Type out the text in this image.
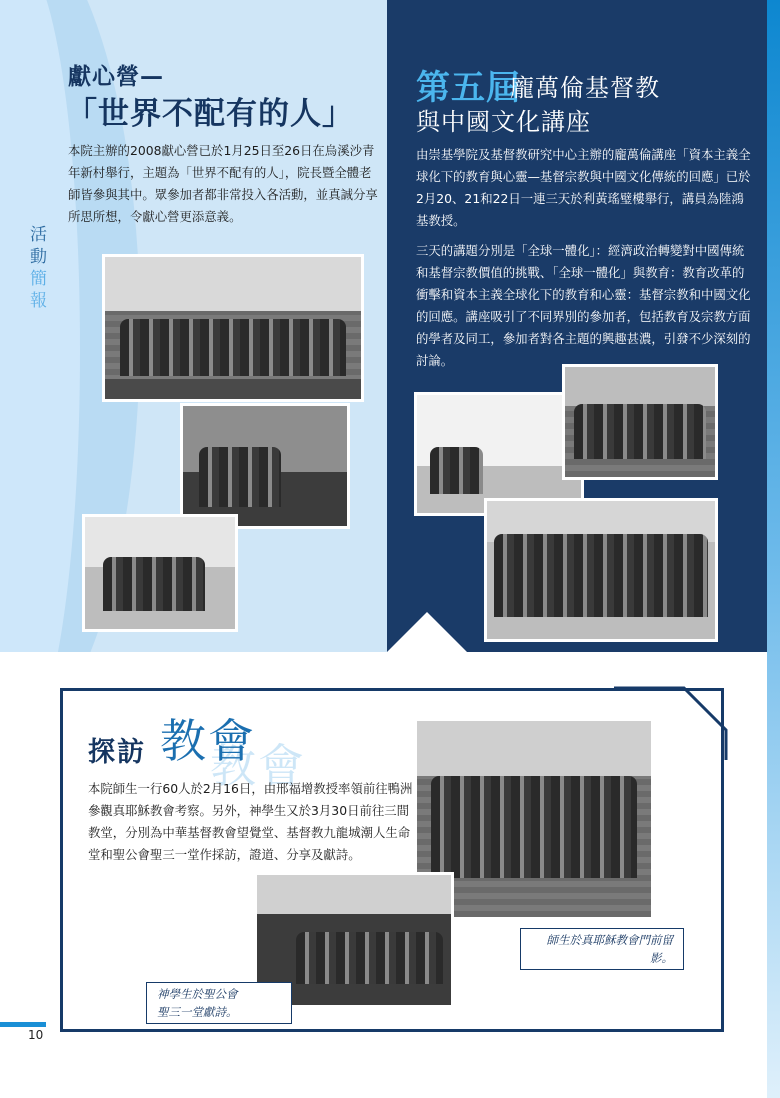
獻心營—
「世界不配有的人」
本院主辦的2008獻心營已於1月25日至26日在烏溪沙青年新村舉行，主題為「世界不配有的人」，院長暨全體老師皆參與其中。眾參加者都非常投入各活動，並真誠分享所思所想，令獻心營更添意義。
活
動
簡
報
第五屆
龐萬倫基督教
與中國文化講座

由崇基學院及基督教研究中心主辦的龐萬倫講座「資本主義全球化下的教育與心靈—基督宗教與中國文化傳統的回應」已於2月20、21和22日一連三天於利黃瑤璧樓舉行，講員為陸鴻基教授。

三天的講題分別是「全球一體化」：經濟政治轉變對中國傳統和基督宗教價值的挑戰、「全球一體化」與教育：教育改革的衝擊和資本主義全球化下的教育和心靈：基督宗教和中國文化的回應。講座吸引了不同界別的參加者，包括教育及宗教方面的學者及同工，參加者對各主題的興趣甚濃，引發不少深刻的討論。

教會
探訪 教會
本院師生一行60人於2月16日，由邢福增教授率領前往鴨洲參觀真耶穌教會考察。另外，神學生又於3月30日前往三間教堂，分別為中華基督教會望覺堂、基督教九龍城潮人生命堂和聖公會聖三一堂作採訪，證道、分享及獻詩。
師生於真耶穌教會門前留影。
神學生於聖公會
聖三一堂獻詩。
10
